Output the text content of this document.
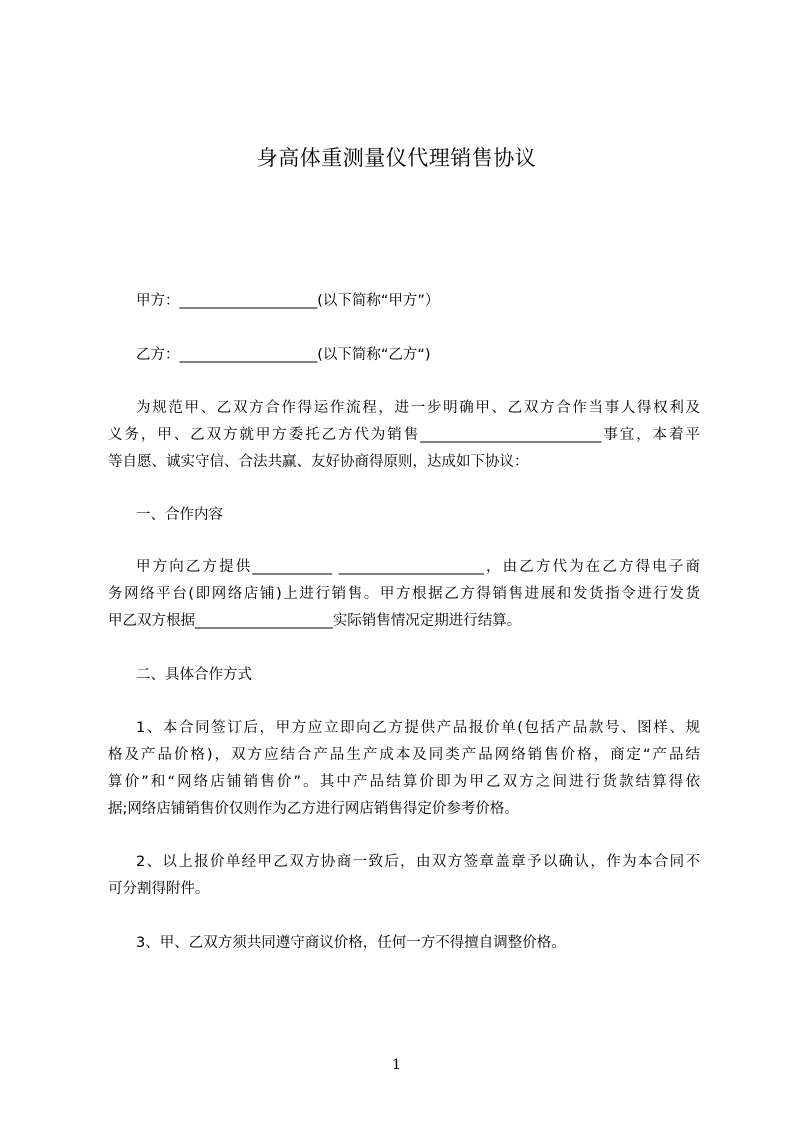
身高体重测量仪代理销售协议
甲方：___________________(以下简称“甲方”）
乙方：___________________(以下简称“乙方“)
为规范甲、乙双方合作得运作流程，进一步明确甲、乙双方合作当事人得权利及
义务，甲、乙双方就甲方委托乙方代为销售_________________________事宜，本着平
等自愿、诚实守信、合法共赢、友好协商得原则，达成如下协议：
一、合作内容
甲方向乙方提供___________ ____________________，由乙方代为在乙方得电子商
务网络平台(即网络店铺)上进行销售。甲方根据乙方得销售进展和发货指令进行发货
甲乙双方根据___________________实际销售情况定期进行结算。
二、具体合作方式
1、本合同签订后，甲方应立即向乙方提供产品报价单(包括产品款号、图样、规
格及产品价格)，双方应结合产品生产成本及同类产品网络销售价格，商定“产品结
算价”和“网络店铺销售价”。其中产品结算价即为甲乙双方之间进行货款结算得依
据;网络店铺销售价仅则作为乙方进行网店销售得定价参考价格。
2、以上报价单经甲乙双方协商一致后，由双方签章盖章予以确认，作为本合同不
可分割得附件。
3、甲、乙双方须共同遵守商议价格，任何一方不得擅自调整价格。
1
